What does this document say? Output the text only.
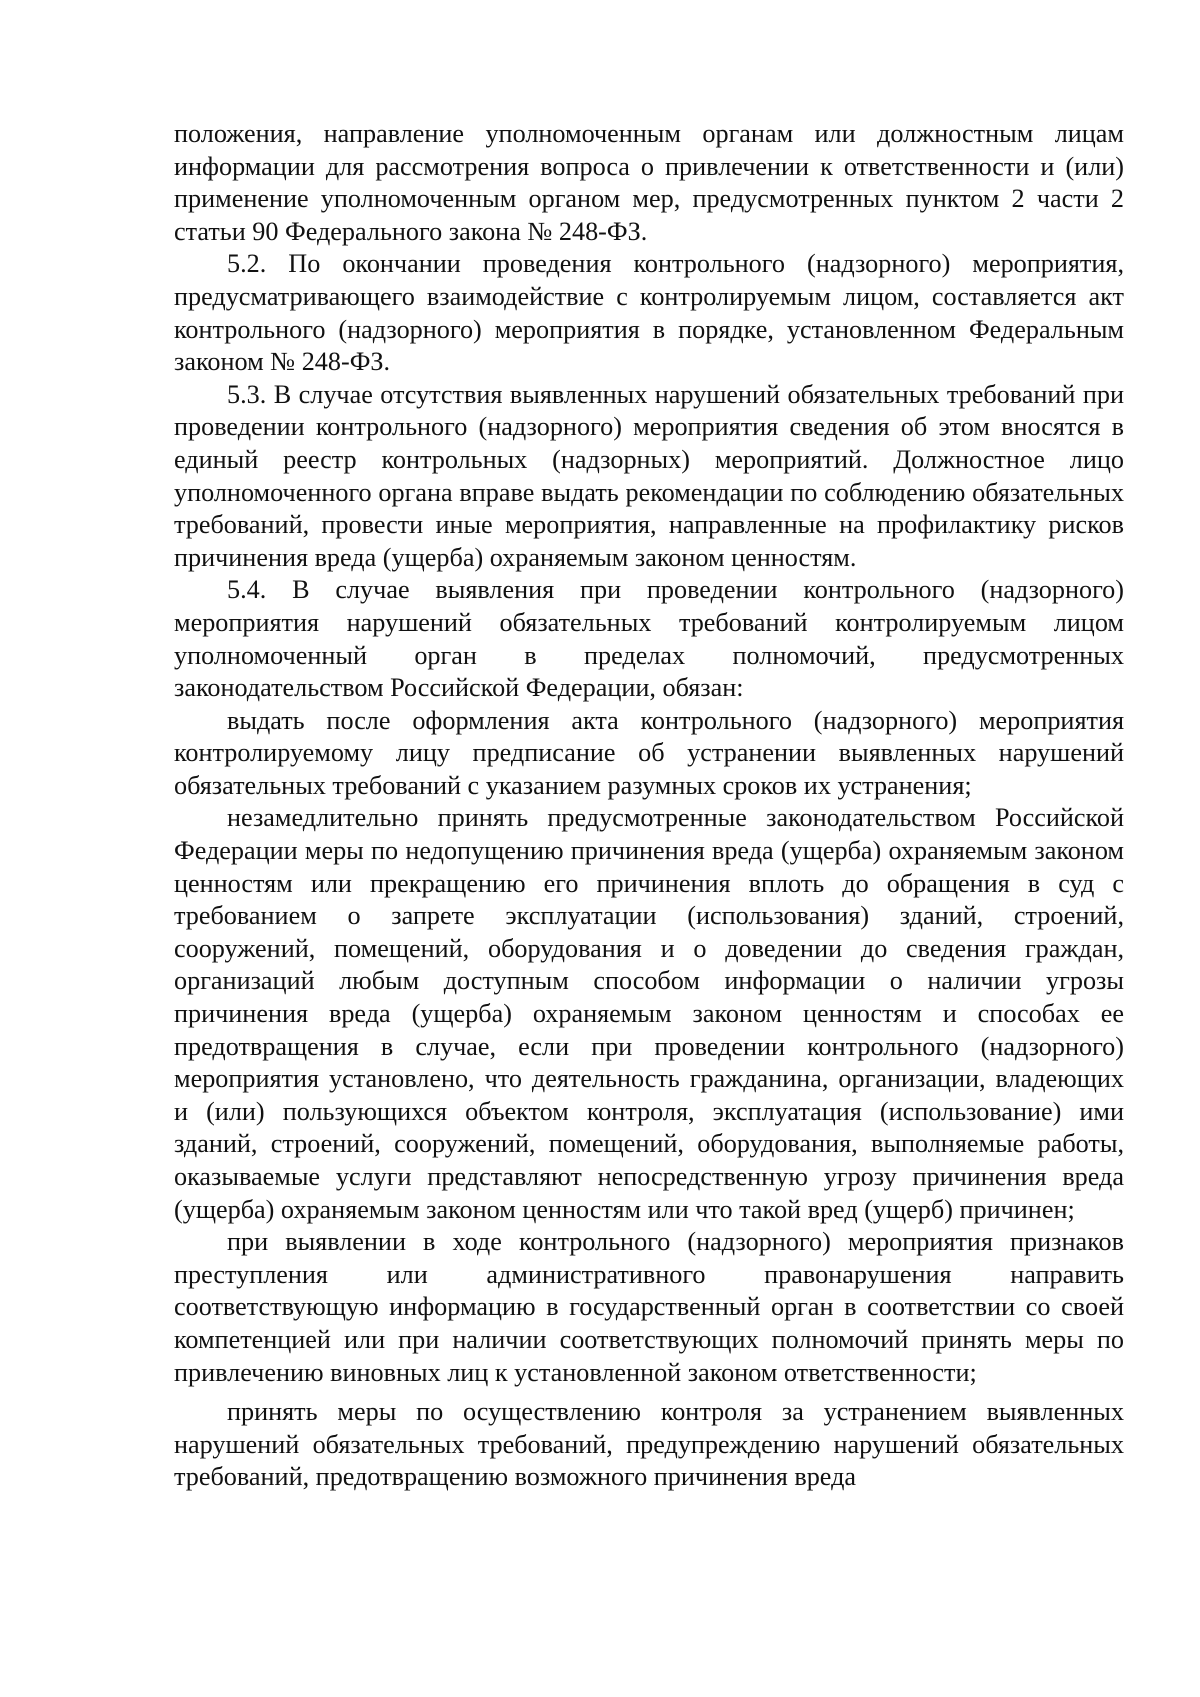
положения, направление уполномоченным органам или должностным лицам информации для рассмотрения вопроса о привлечении к ответственности и (или) применение уполномоченным органом мер, предусмотренных пунктом 2 части 2 статьи 90 Федерального закона № 248-ФЗ.

5.2. По окончании проведения контрольного (надзорного) мероприятия, предусматривающего взаимодействие с контролируемым лицом, составляется акт контрольного (надзорного) мероприятия в порядке, установленном Федеральным законом № 248-ФЗ.

5.3. В случае отсутствия выявленных нарушений обязательных требований при проведении контрольного (надзорного) мероприятия сведения об этом вносятся в единый реестр контрольных (надзорных) мероприятий. Должностное лицо уполномоченного органа вправе выдать рекомендации по соблюдению обязательных требований, провести иные мероприятия, направленные на профилактику рисков причинения вреда (ущерба) охраняемым законом ценностям.

5.4. В случае выявления при проведении контрольного (надзорного) мероприятия нарушений обязательных требований контролируемым лицом уполномоченный орган в пределах полномочий, предусмотренных законодательством Российской Федерации, обязан:

выдать после оформления акта контрольного (надзорного) мероприятия контролируемому лицу предписание об устранении выявленных нарушений обязательных требований с указанием разумных сроков их устранения;

незамедлительно принять предусмотренные законодательством Российской Федерации меры по недопущению причинения вреда (ущерба) охраняемым законом ценностям или прекращению его причинения вплоть до обращения в суд с требованием о запрете эксплуатации (использования) зданий, строений, сооружений, помещений, оборудования и о доведении до сведения граждан, организаций любым доступным способом информации о наличии угрозы причинения вреда (ущерба) охраняемым законом ценностям и способах ее предотвращения в случае, если при проведении контрольного (надзорного) мероприятия установлено, что деятельность гражданина, организации, владеющих и (или) пользующихся объектом контроля, эксплуатация (использование) ими зданий, строений, сооружений, помещений, оборудования, выполняемые работы, оказываемые услуги представляют непосредственную угрозу причинения вреда (ущерба) охраняемым законом ценностям или что такой вред (ущерб) причинен;

при выявлении в ходе контрольного (надзорного) мероприятия признаков преступления или административного правонарушения направить соответствующую информацию в государственный орган в соответствии со своей компетенцией или при наличии соответствующих полномочий принять меры по привлечению виновных лиц к установленной законом ответственности;

принять меры по осуществлению контроля за устранением выявленных нарушений обязательных требований, предупреждению нарушений обязательных требований, предотвращению возможного причинения вреда
